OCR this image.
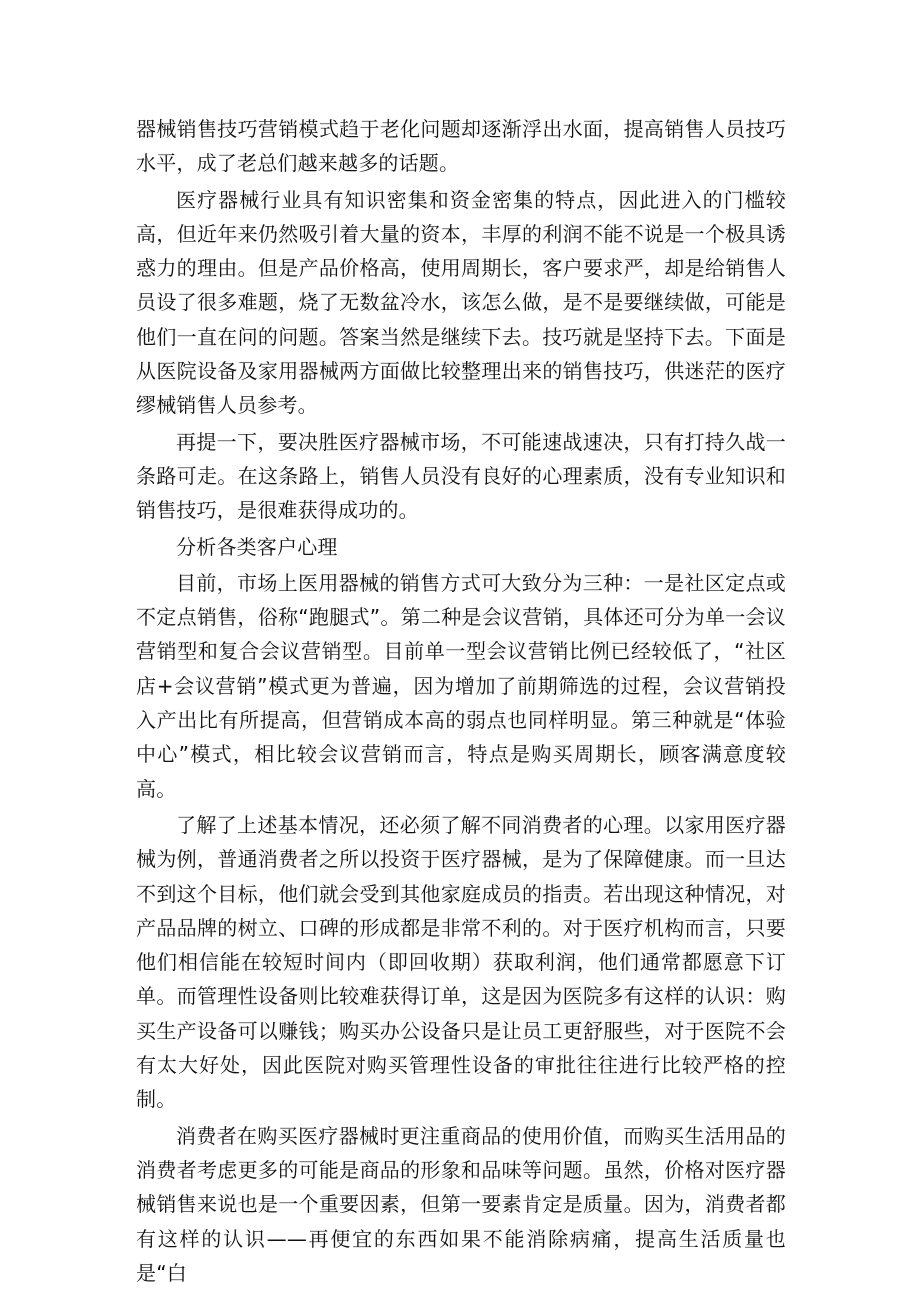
器械销售技巧营销模式趋于老化问题却逐渐浮出水面，提高销售人员技巧水平，成了老总们越来越多的话题。

医疗器械行业具有知识密集和资金密集的特点，因此进入的门槛较高，但近年来仍然吸引着大量的资本，丰厚的利润不能不说是一个极具诱惑力的理由。但是产品价格高，使用周期长，客户要求严，却是给销售人员设了很多难题，烧了无数盆冷水，该怎么做，是不是要继续做，可能是他们一直在问的问题。答案当然是继续下去。技巧就是坚持下去。下面是从医院设备及家用器械两方面做比较整理出来的销售技巧，供迷茫的医疗缪械销售人员参考。

再提一下，要决胜医疗器械市场，不可能速战速决，只有打持久战一条路可走。在这条路上，销售人员没有良好的心理素质，没有专业知识和销售技巧，是很难获得成功的。

分析各类客户心理

目前，市场上医用器械的销售方式可大致分为三种：一是社区定点或不定点销售，俗称“跑腿式”。第二种是会议营销，具体还可分为单一会议营销型和复合会议营销型。目前单一型会议营销比例已经较低了，“社区店+会议营销”模式更为普遍，因为增加了前期筛选的过程，会议营销投入产出比有所提高，但营销成本高的弱点也同样明显。第三种就是“体验中心”模式，相比较会议营销而言，特点是购买周期长，顾客满意度较高。

了解了上述基本情况，还必须了解不同消费者的心理。以家用医疗器械为例，普通消费者之所以投资于医疗器械，是为了保障健康。而一旦达不到这个目标，他们就会受到其他家庭成员的指责。若出现这种情况，对产品品牌的树立、口碑的形成都是非常不利的。对于医疗机构而言，只要他们相信能在较短时间内（即回收期）获取利润，他们通常都愿意下订单。而管理性设备则比较难获得订单，这是因为医院多有这样的认识：购买生产设备可以赚钱；购买办公设备只是让员工更舒服些，对于医院不会有太大好处，因此医院对购买管理性设备的审批往往进行比较严格的控制。

消费者在购买医疗器械时更注重商品的使用价值，而购买生活用品的消费者考虑更多的可能是商品的形象和品味等问题。虽然，价格对医疗器械销售来说也是一个重要因素，但第一要素肯定是质量。因为，消费者都有这样的认识——再便宜的东西如果不能消除病痛，提高生活质量也是“白
